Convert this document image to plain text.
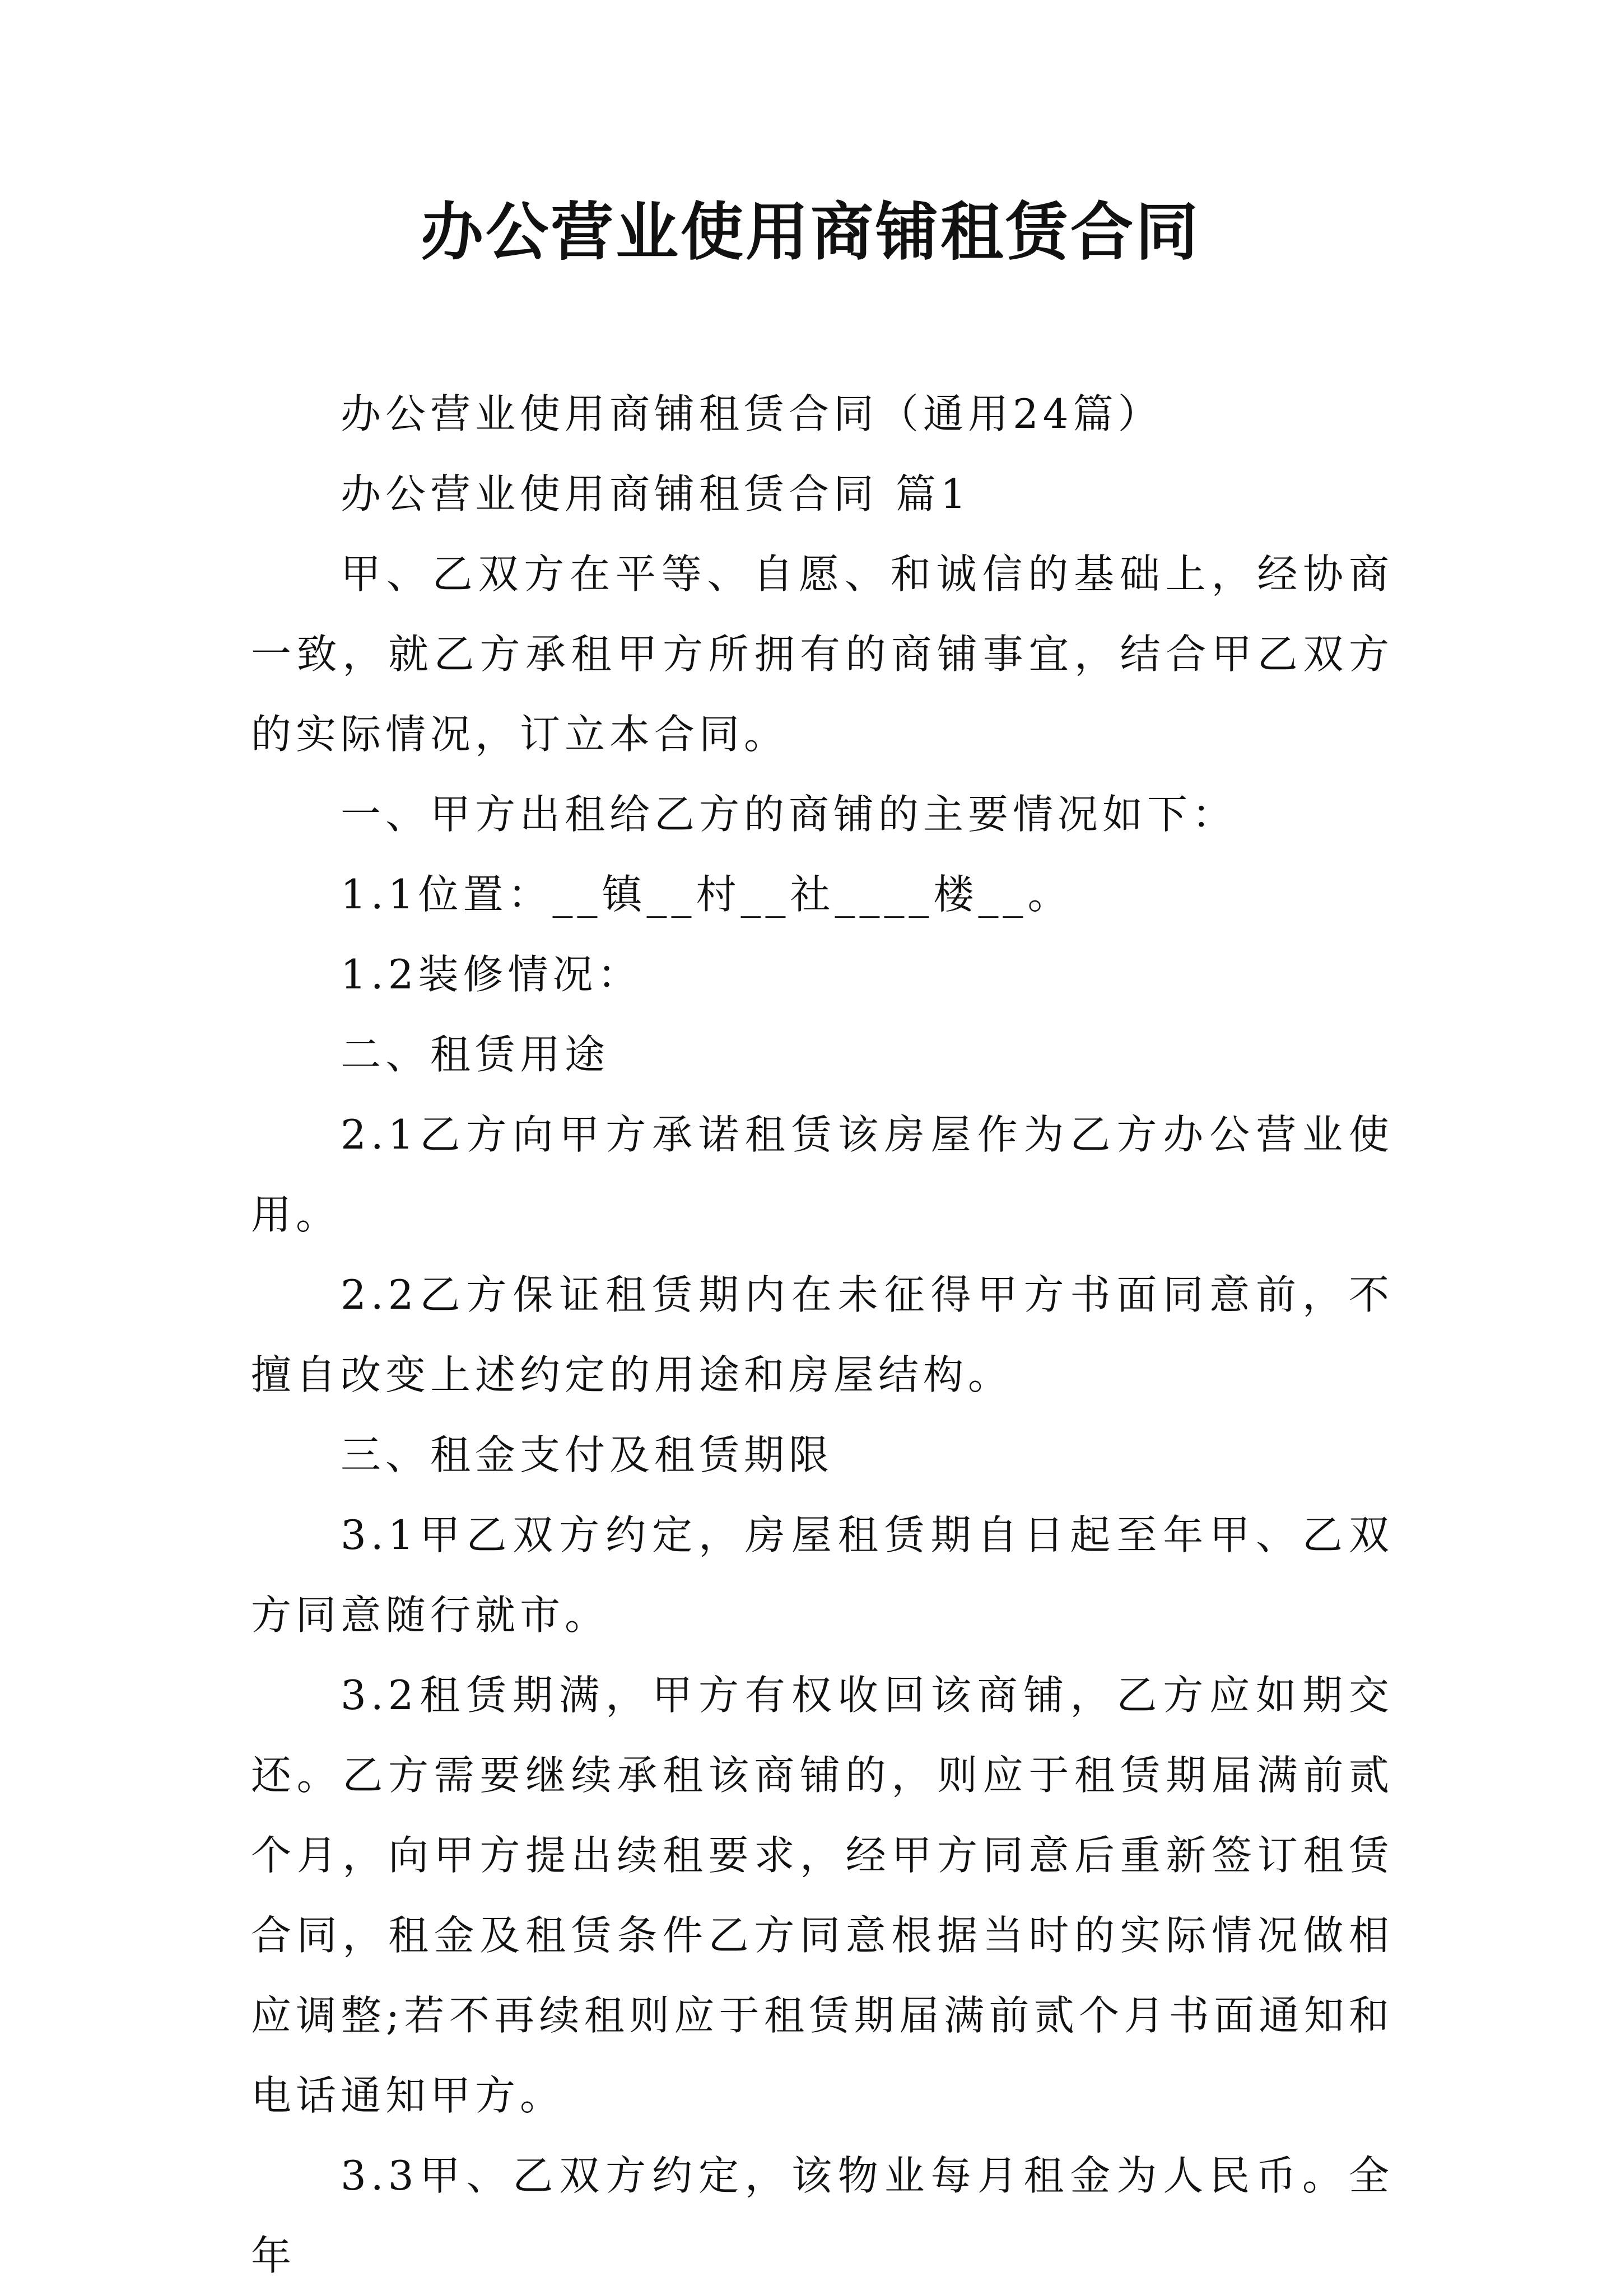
办公营业使用商铺租赁合同

办公营业使用商铺租赁合同（通用24篇）

办公营业使用商铺租赁合同 篇1

甲、乙双方在平等、自愿、和诚信的基础上，经协商一致，就乙方承租甲方所拥有的商铺事宜，结合甲乙双方的实际情况，订立本合同。

一、甲方出租给乙方的商铺的主要情况如下：

1.1位置：__镇__村__社____楼__。

1.2装修情况：

二、租赁用途

2.1乙方向甲方承诺租赁该房屋作为乙方办公营业使用。

2.2乙方保证租赁期内在未征得甲方书面同意前，不擅自改变上述约定的用途和房屋结构。

三、租金支付及租赁期限

3.1甲乙双方约定，房屋租赁期自日起至年甲、乙双方同意随行就市。

3.2租赁期满，甲方有权收回该商铺，乙方应如期交还。乙方需要继续承租该商铺的，则应于租赁期届满前贰个月，向甲方提出续租要求，经甲方同意后重新签订租赁合同，租金及租赁条件乙方同意根据当时的实际情况做相应调整;若不再续租则应于租赁期届满前贰个月书面通知和电话通知甲方。

3.3甲、乙双方约定，该物业每月租金为人民币。全年
